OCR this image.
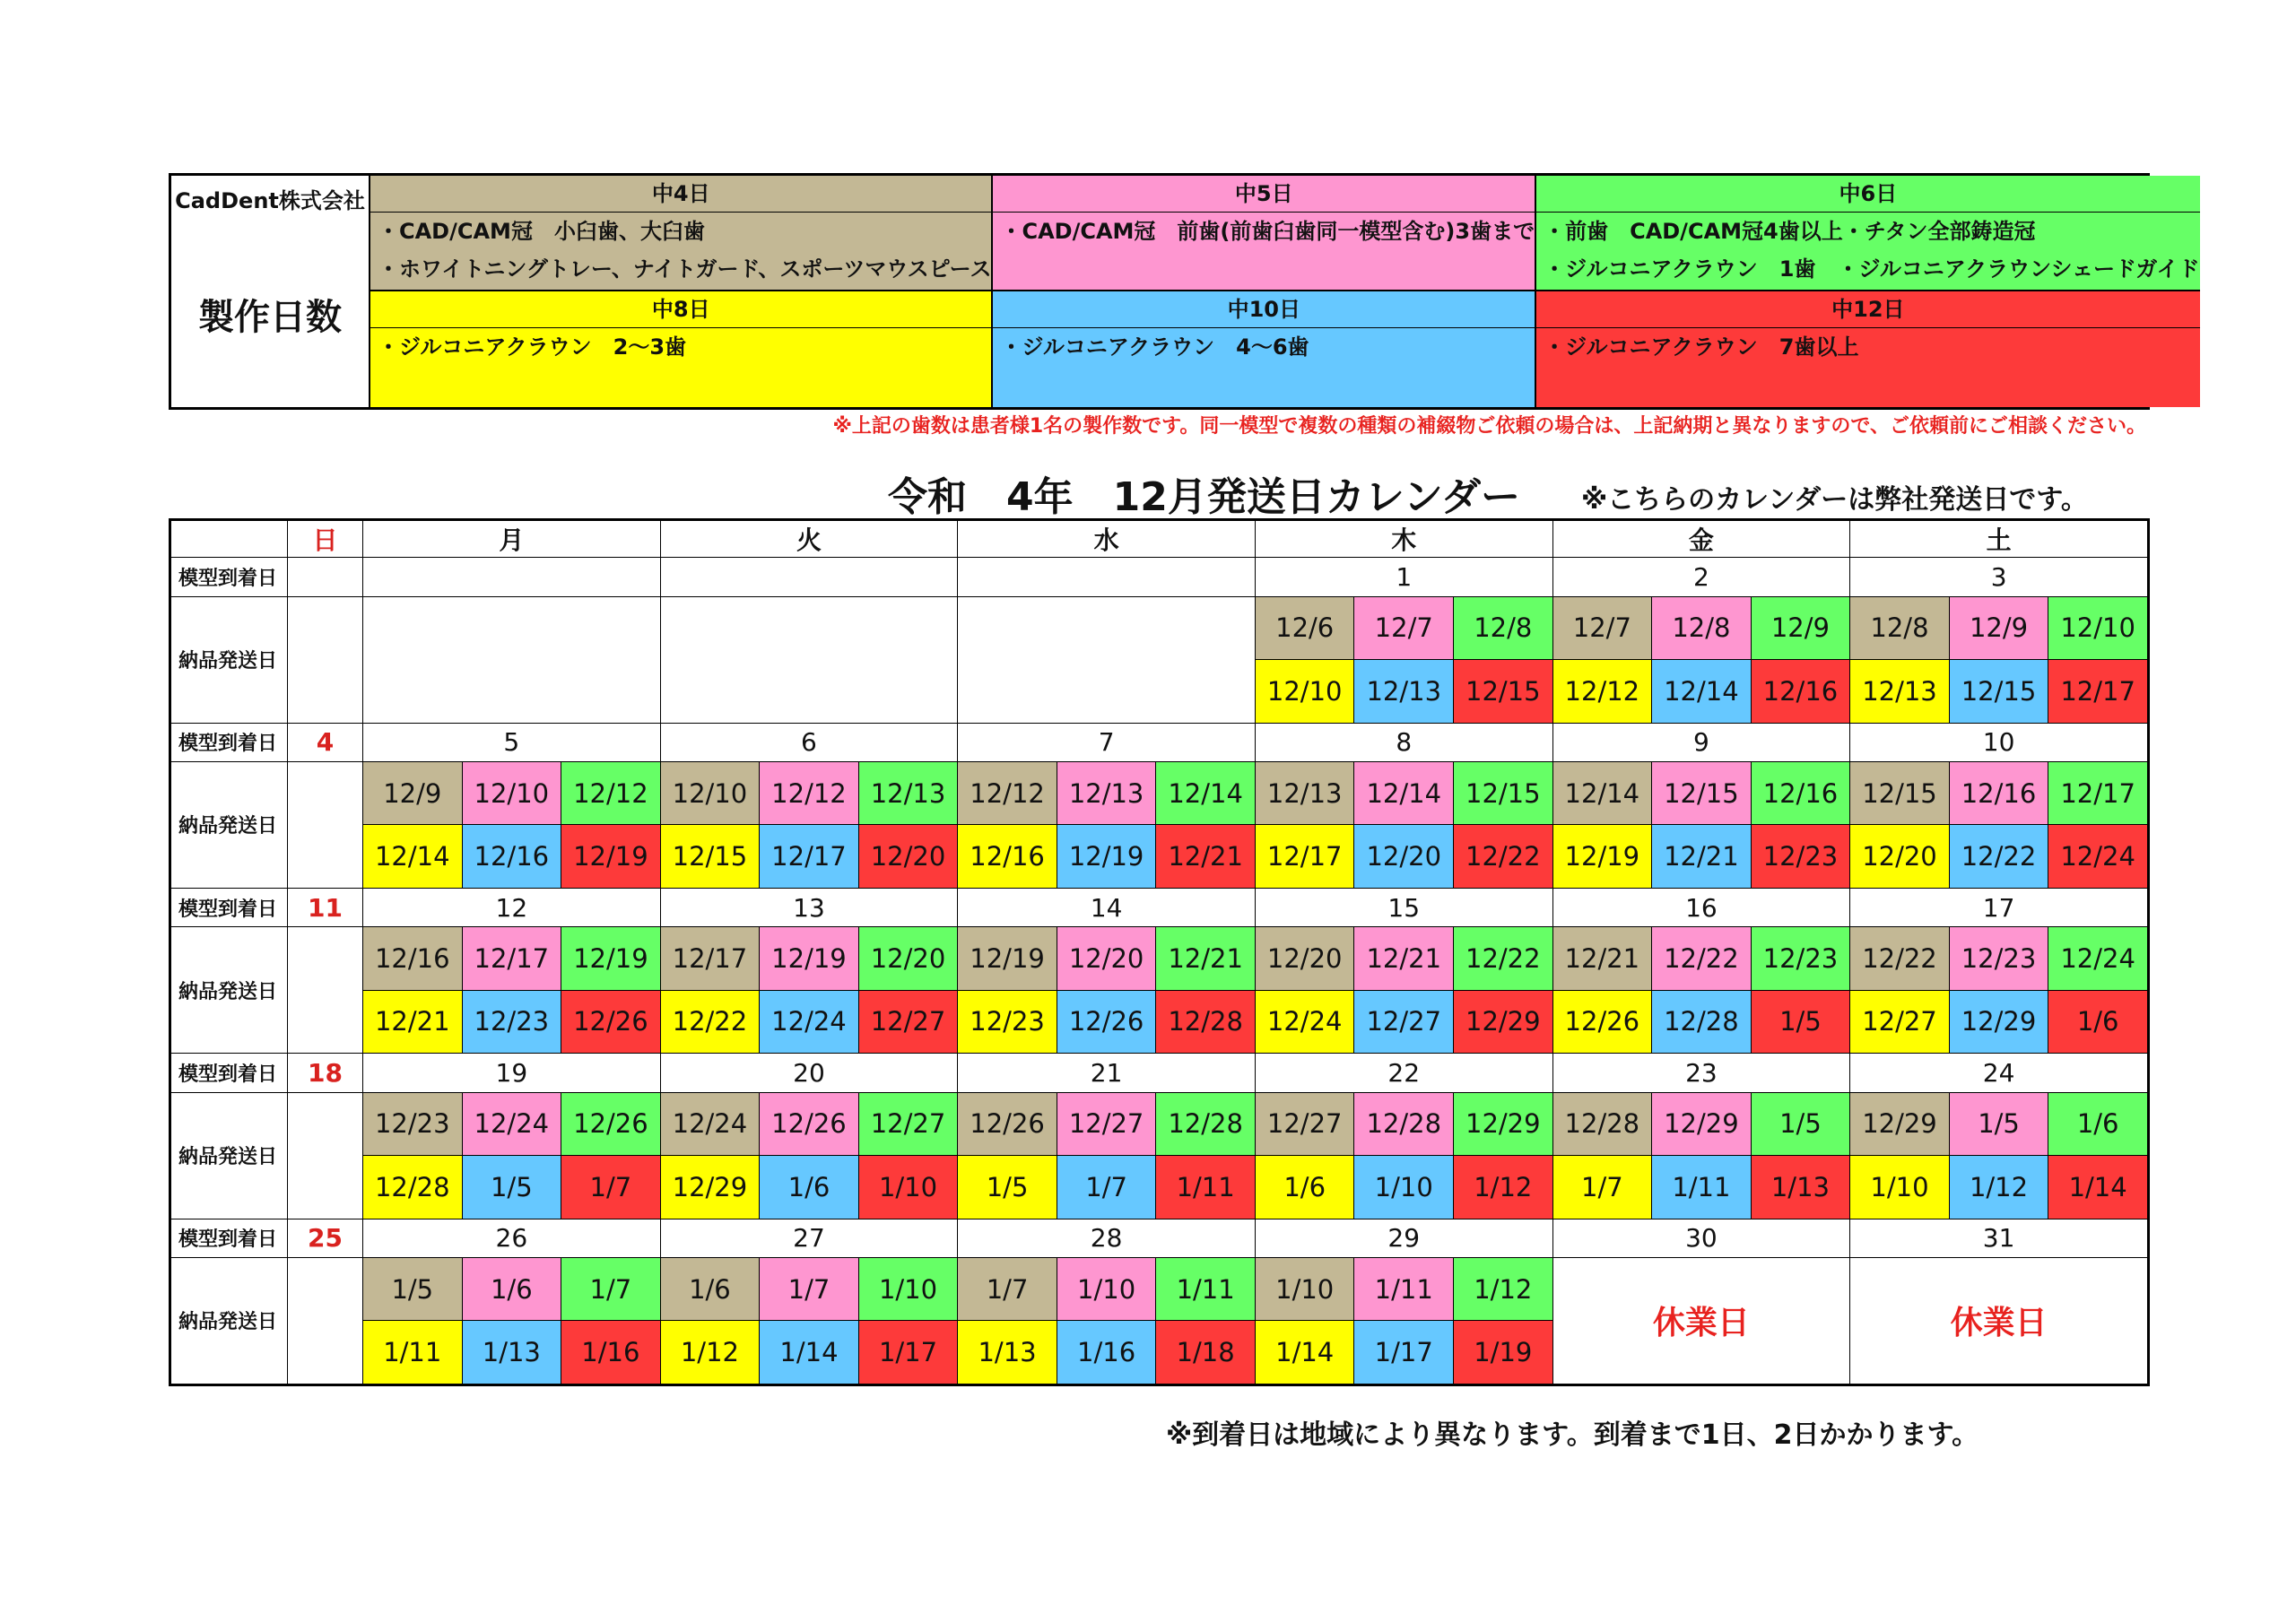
CadDent株式会社
製作日数
中4日
・CAD/CAM冠　小臼歯、大臼歯
・ホワイトニングトレー、ナイトガード、スポーツマウスピース
中5日
・CAD/CAM冠　前歯(前歯臼歯同一模型含む)3歯まで
中6日
・前歯　CAD/CAM冠4歯以上・チタン全部鋳造冠
・ジルコニアクラウン　1歯　・ジルコニアクラウンシェードガイド
中8日
・ジルコニアクラウン　2～3歯
中10日
・ジルコニアクラウン　4～6歯
中12日
・ジルコニアクラウン　7歯以上
※上記の歯数は患者様1名の製作数です。同一模型で複数の種類の補綴物ご依頼の場合は、上記納期と異なりますので、ご依頼前にご相談ください。
令和　4年　12月発送日カレンダー ※こちらのカレンダーは弊社発送日です。
	日	月			火			水			木			金			土		
模型到着日											1			2			3		
納品発送日											12/6	12/7	12/8	12/7	12/8	12/9	12/8	12/9	12/10
											12/10	12/13	12/15	12/12	12/14	12/16	12/13	12/15	12/17
模型到着日	4	5			6			7			8			9			10		
納品発送日		12/9	12/10	12/12	12/10	12/12	12/13	12/12	12/13	12/14	12/13	12/14	12/15	12/14	12/15	12/16	12/15	12/16	12/17
		12/14	12/16	12/19	12/15	12/17	12/20	12/16	12/19	12/21	12/17	12/20	12/22	12/19	12/21	12/23	12/20	12/22	12/24
模型到着日	11	12			13			14			15			16			17		
納品発送日		12/16	12/17	12/19	12/17	12/19	12/20	12/19	12/20	12/21	12/20	12/21	12/22	12/21	12/22	12/23	12/22	12/23	12/24
		12/21	12/23	12/26	12/22	12/24	12/27	12/23	12/26	12/28	12/24	12/27	12/29	12/26	12/28	1/5	12/27	12/29	1/6
模型到着日	18	19			20			21			22			23			24		
納品発送日		12/23	12/24	12/26	12/24	12/26	12/27	12/26	12/27	12/28	12/27	12/28	12/29	12/28	12/29	1/5	12/29	1/5	1/6
		12/28	1/5	1/7	12/29	1/6	1/10	1/5	1/7	1/11	1/6	1/10	1/12	1/7	1/11	1/13	1/10	1/12	1/14
模型到着日	25	26			27			28			29			30			31		
納品発送日		1/5	1/6	1/7	1/6	1/7	1/10	1/7	1/10	1/11	1/10	1/11	1/12	休業日			休業日		
		1/11	1/13	1/16	1/12	1/14	1/17	1/13	1/16	1/18	1/14	1/17	1/19						
※到着日は地域により異なります。到着まで1日、2日かかります。
